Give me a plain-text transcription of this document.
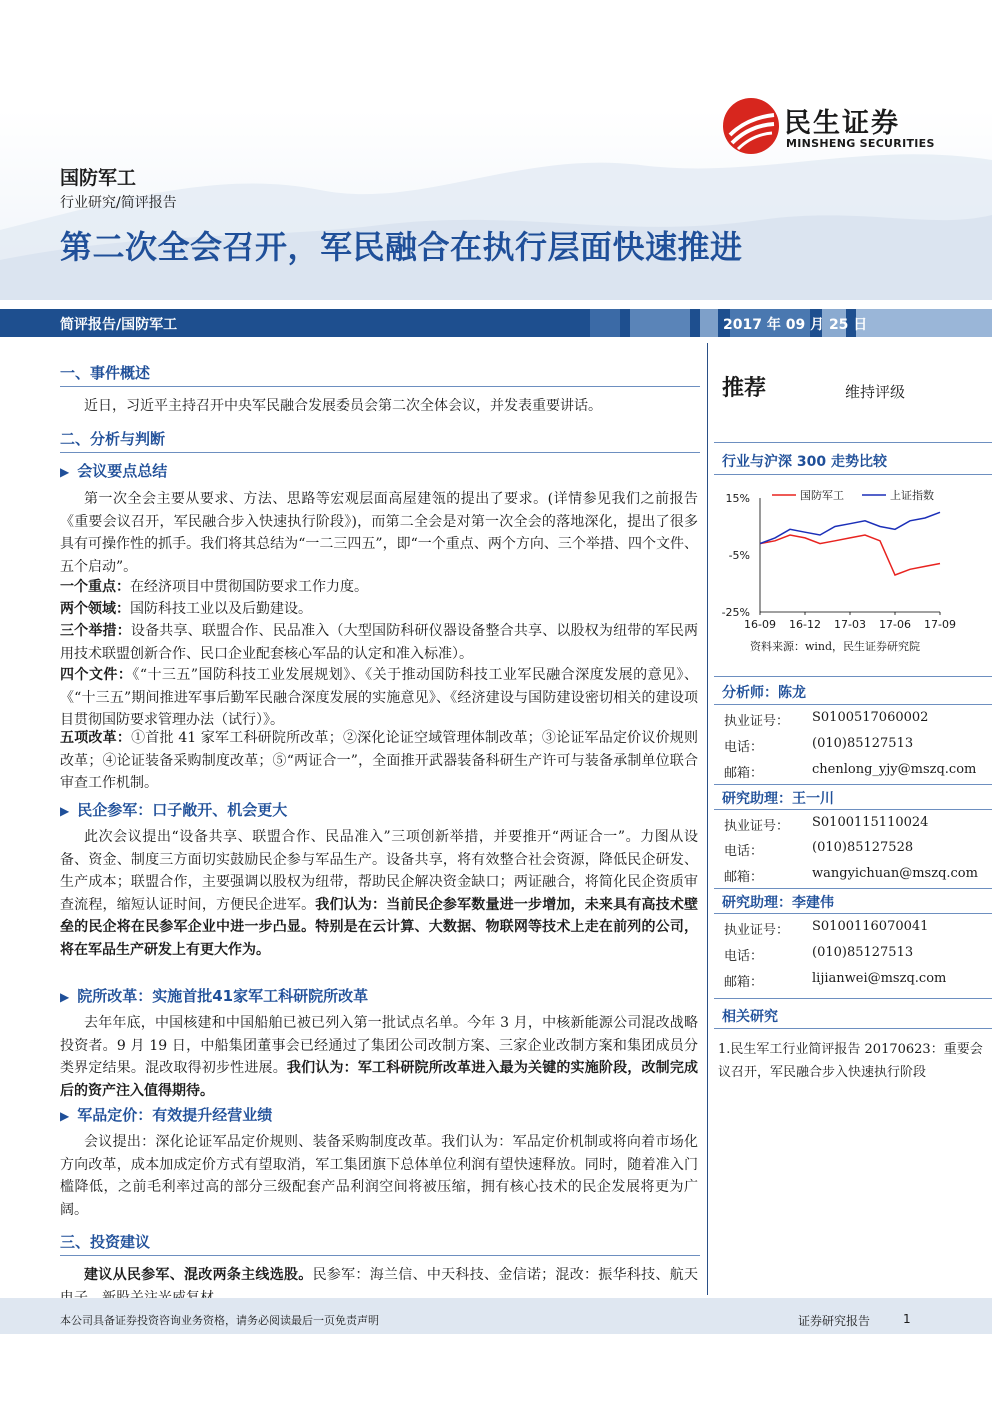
民生证券
MINSHENG SECURITIES
国防军工
行业研究/简评报告
第二次全会召开，军民融合在执行层面快速推进
简评报告/国防军工	2017 年 09 月 25 日
一、事件概述
近日，习近平主持召开中央军民融合发展委员会第二次全体会议，并发表重要讲话。
二、分析与判断
▶ 会议要点总结
第一次全会主要从要求、方法、思路等宏观层面高屋建瓴的提出了要求。(详情参见我们之前报告《重要会议召开，军民融合步入快速执行阶段》)，而第二全会是对第一次全会的落地深化，提出了很多具有可操作性的抓手。我们将其总结为“一二三四五”，即“一个重点、两个方向、三个举措、四个文件、五个启动”。
一个重点：在经济项目中贯彻国防要求工作力度。
两个领域：国防科技工业以及后勤建设。
三个举措：设备共享、联盟合作、民品准入（大型国防科研仪器设备整合共享、以股权为纽带的军民两用技术联盟创新合作、民口企业配套核心军品的认定和准入标准）。
四个文件：《“十三五”国防科技工业发展规划》、《关于推动国防科技工业军民融合深度发展的意见》、《“十三五”期间推进军事后勤军民融合深度发展的实施意见》、《经济建设与国防建设密切相关的建设项目贯彻国防要求管理办法（试行）》。
五项改革：①首批 41 家军工科研院所改革；②深化论证空域管理体制改革；③论证军品定价议价规则改革；④论证装备采购制度改革；⑤“两证合一”，全面推开武器装备科研生产许可与装备承制单位联合审查工作机制。
▶ 民企参军：口子敞开、机会更大
此次会议提出“设备共享、联盟合作、民品准入”三项创新举措，并要推开“两证合一”。力图从设备、资金、制度三方面切实鼓励民企参与军品生产。设备共享，将有效整合社会资源，降低民企研发、生产成本；联盟合作，主要强调以股权为纽带，帮助民企解决资金缺口；两证融合，将简化民企资质审查流程，缩短认证时间，方便民企进军。我们认为：当前民企参军数量进一步增加，未来具有高技术壁垒的民企将在民参军企业中进一步凸显。特别是在云计算、大数据、物联网等技术上走在前列的公司，将在军品生产研发上有更大作为。
▶ 院所改革：实施首批41家军工科研院所改革
去年年底，中国核建和中国船舶已被已列入第一批试点名单。今年 3 月，中核新能源公司混改战略投资者。9 月 19 日，中船集团董事会已经通过了集团公司改制方案、三家企业改制方案和集团成员分类界定结果。混改取得初步性进展。我们认为：军工科研院所改革进入最为关键的实施阶段，改制完成后的资产注入值得期待。
▶ 军品定价：有效提升经营业绩
会议提出：深化论证军品定价规则、装备采购制度改革。我们认为：军品定价机制或将向着市场化方向改革，成本加成定价方式有望取消，军工集团旗下总体单位利润有望快速释放。同时，随着准入门槛降低，之前毛利率过高的部分三级配套产品利润空间将被压缩，拥有核心技术的民企发展将更为广阔。
三、投资建议
建议从民参军、混改两条主线选股。民参军：海兰信、中天科技、金信诺；混改：振华科技、航天
推荐	维持评级
行业与沪深 300 走势比较
15%
-5%
-25%
16-09 16-12 17-03 17-06 17-09
国防军工	上证指数
资料来源：wind，民生证券研究院
分析师：陈龙
执业证号： S0100517060002
电话：	(010)85127513
邮箱：	chenlong_yjy@mszq.com
研究助理：王一川
执业证号： S0100115110024
电话：	(010)85127528
邮箱：	wangyichuan@mszq.com
研究助理：李建伟
执业证号： S0100116070041
电话：	(010)85127513
邮箱：	lijianwei@mszq.com
相关研究
1.民生军工行业简评报告 20170623：重要会议召开，军民融合步入快速执行阶段
本公司具备证券投资咨询业务资格，请务必阅读最后一页免责声明	证券研究报告	1
